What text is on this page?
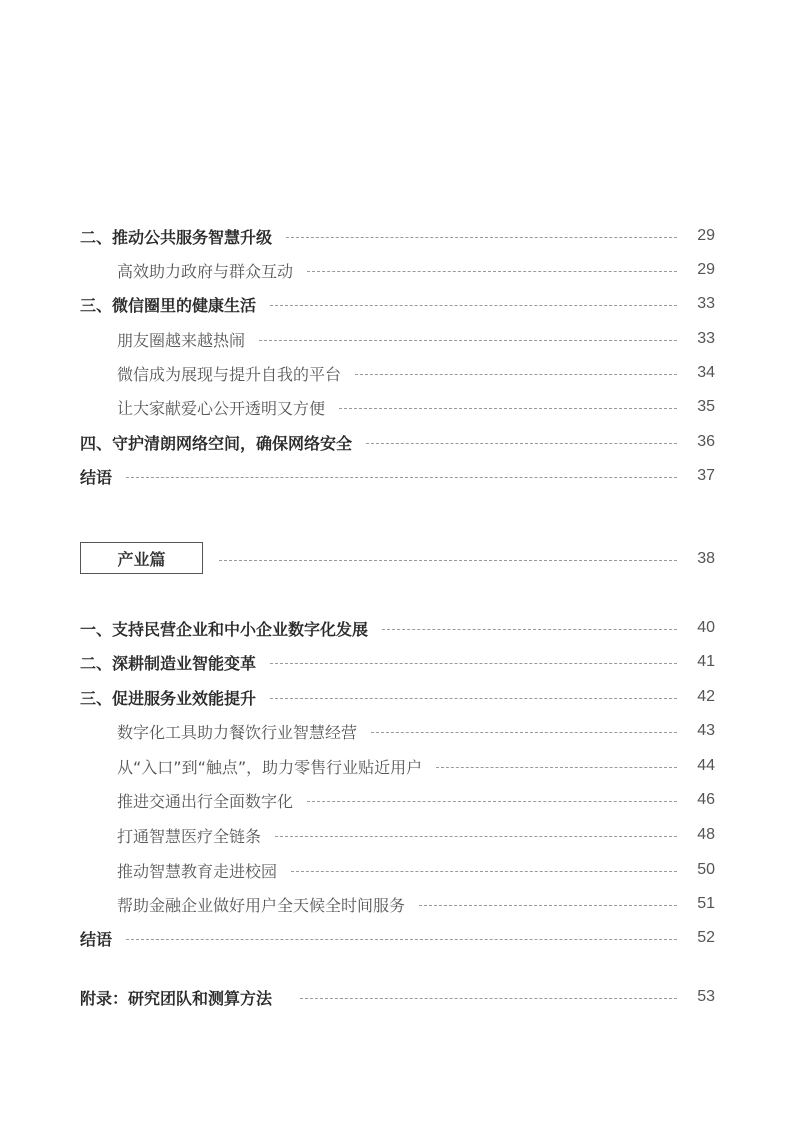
二、推动公共服务智慧升级	29
高效助力政府与群众互动	29
三、微信圈里的健康生活	33
朋友圈越来越热闹	33
微信成为展现与提升自我的平台	34
让大家献爱心公开透明又方便	35
四、守护清朗网络空间，确保网络安全	36
结语	37
产业篇	38
一、支持民营企业和中小企业数字化发展	40
二、深耕制造业智能变革	41
三、促进服务业效能提升	42
数字化工具助力餐饮行业智慧经营	43
从“入口”到“触点”，助力零售行业贴近用户	44
推进交通出行全面数字化	46
打通智慧医疗全链条	48
推动智慧教育走进校园	50
帮助金融企业做好用户全天候全时间服务	51
结语	52
附录：研究团队和测算方法	53
